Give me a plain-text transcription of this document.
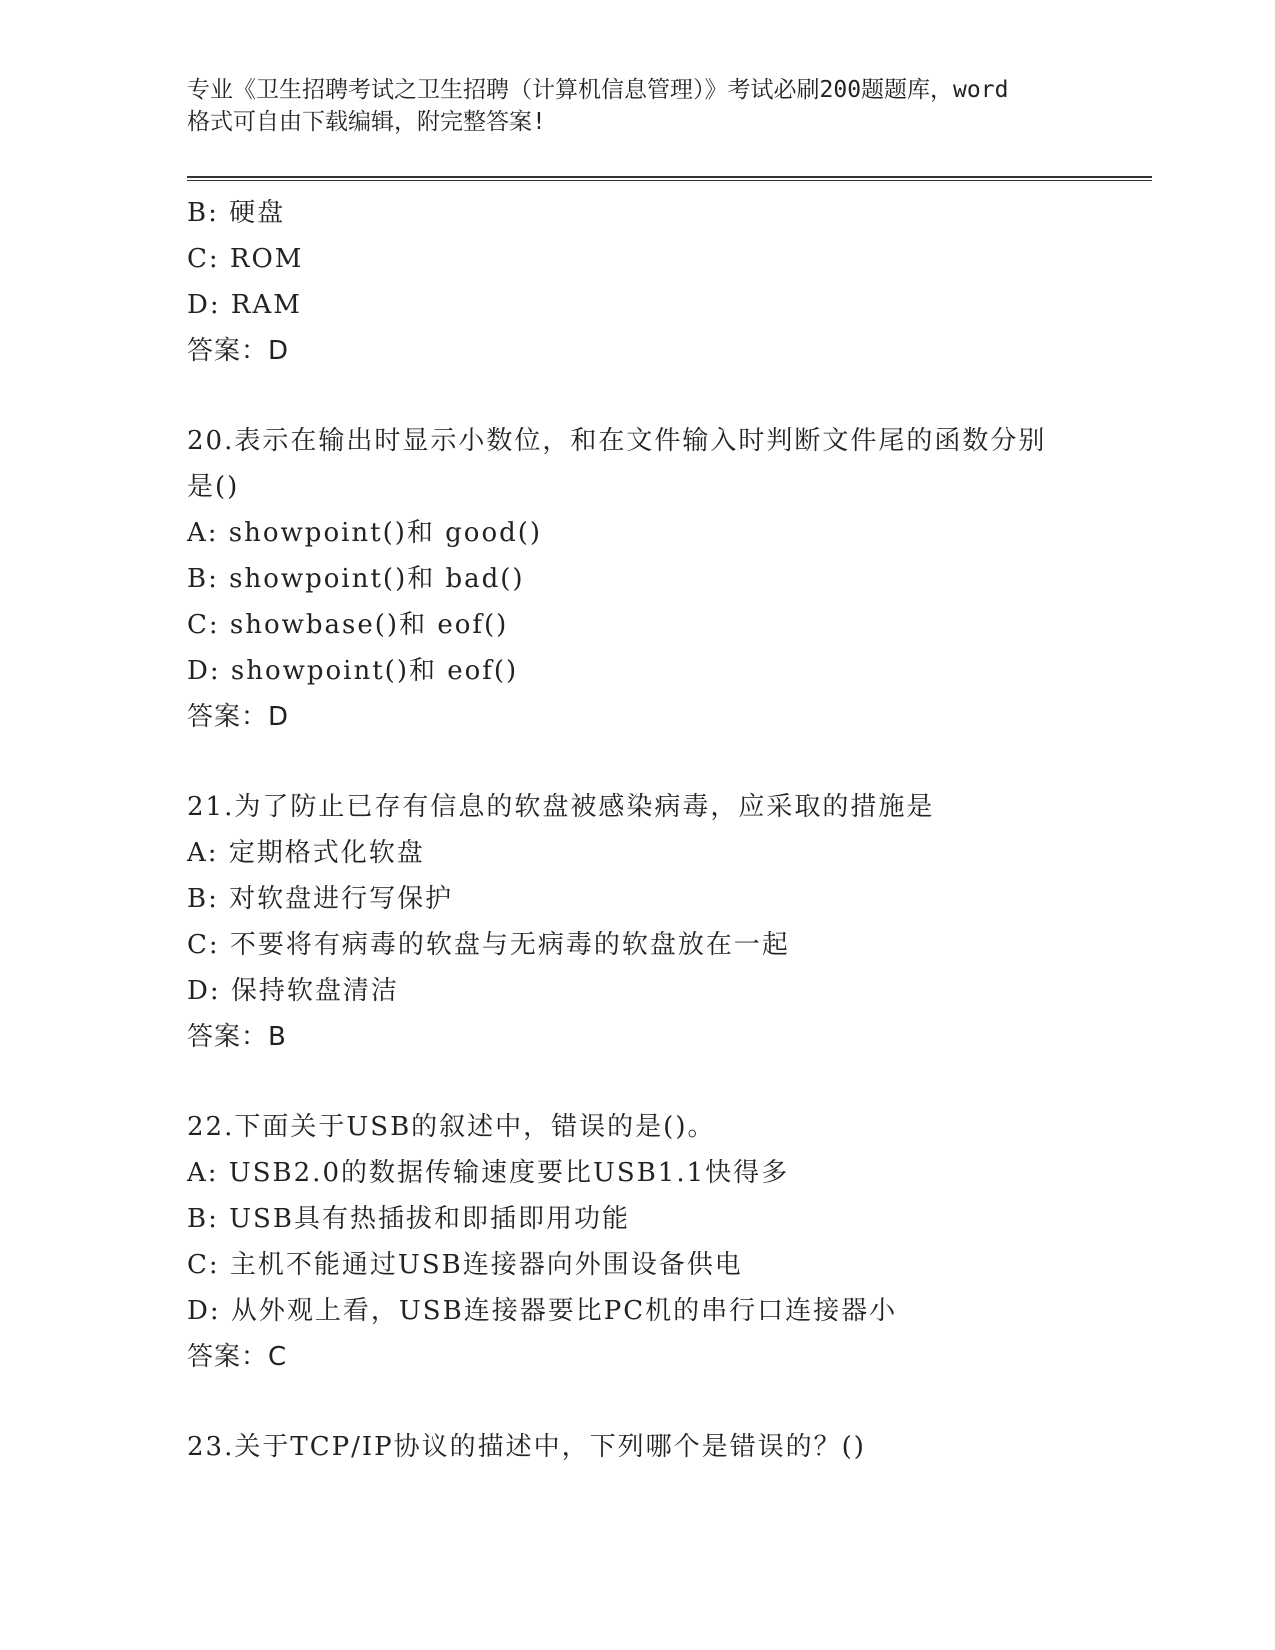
专业《卫生招聘考试之卫生招聘（计算机信息管理）》考试必刷200题题库，word
格式可自由下载编辑，附完整答案!
B: 硬盘
C: ROM
D: RAM
答案：D
20.表示在输出时显示小数位，和在文件输入时判断文件尾的函数分别
是()
A: showpoint()和 good()
B: showpoint()和 bad()
C: showbase()和 eof()
D: showpoint()和 eof()
答案：D
21.为了防止已存有信息的软盘被感染病毒，应采取的措施是
A: 定期格式化软盘
B: 对软盘进行写保护
C: 不要将有病毒的软盘与无病毒的软盘放在一起
D: 保持软盘清洁
答案：B
22.下面关于USB的叙述中，错误的是()。
A: USB2.0的数据传输速度要比USB1.1快得多
B: USB具有热插拔和即插即用功能
C: 主机不能通过USB连接器向外围设备供电
D: 从外观上看，USB连接器要比PC机的串行口连接器小
答案：C
23.关于TCP/IP协议的描述中，下列哪个是错误的？()
